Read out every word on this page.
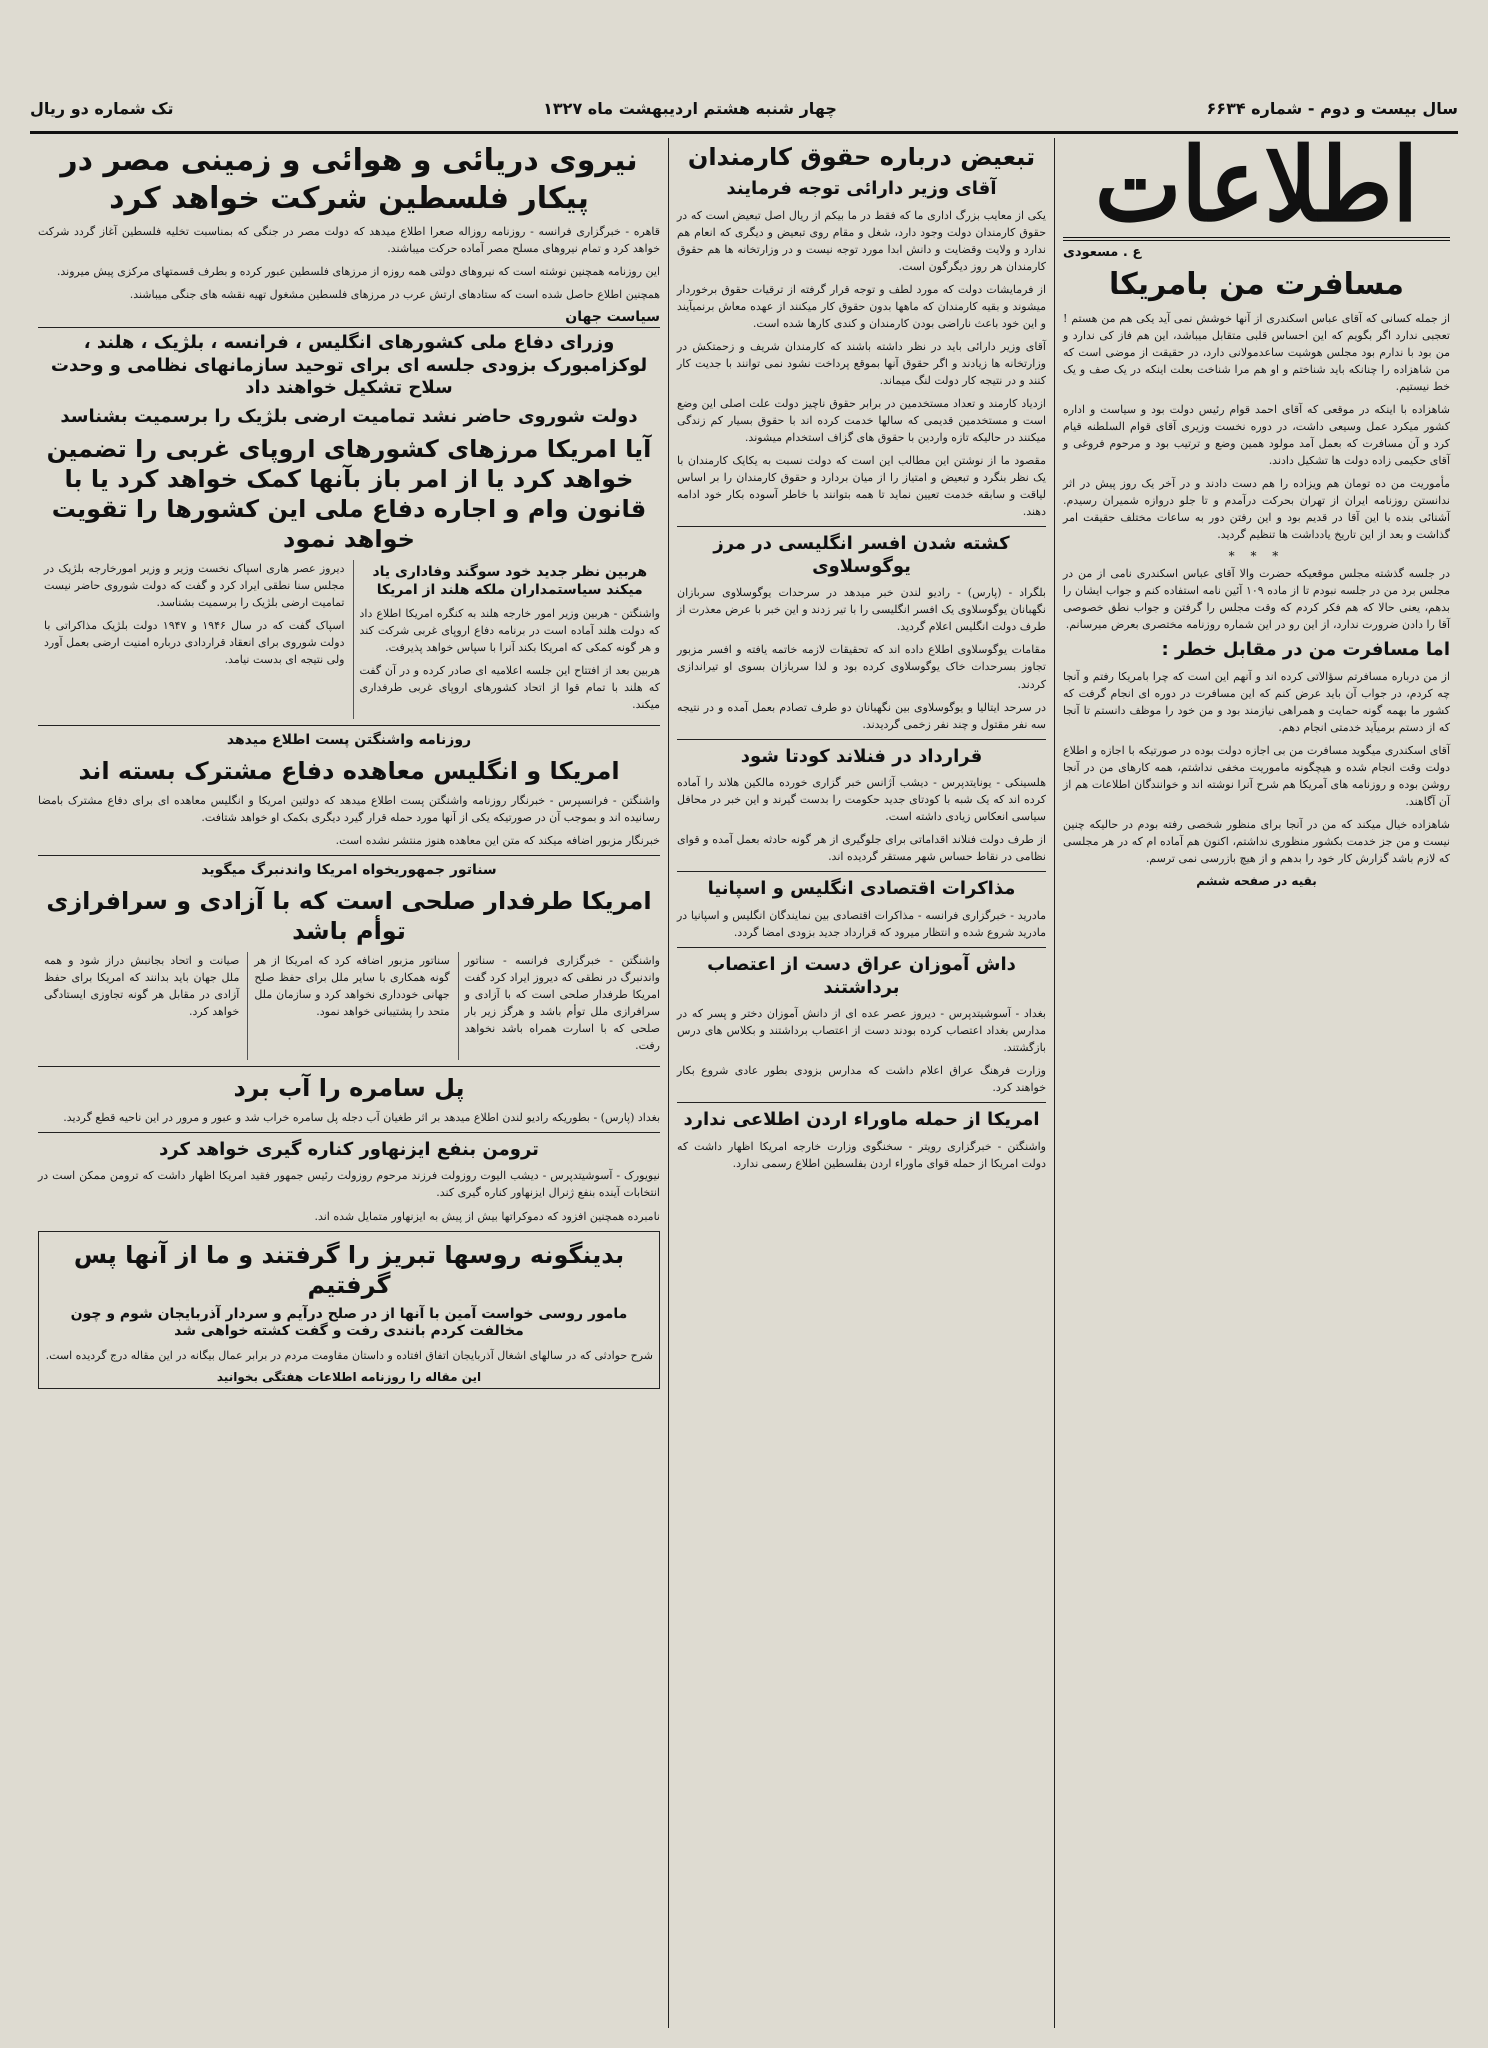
سال بیست و دوم - شماره ۶۶۳۴
چهار شنبه هشتم اردیبهشت ماه ۱۳۲۷
تک شماره دو ریال
اطلاعات
ع . مسعودی
مسافرت من بامریکا

از جمله کسانی که آقای عباس اسکندری از آنها خوشش نمی آید یکی هم من هستم ! تعجبی ندارد اگر بگویم که این احساس قلبی متقابل میباشد، این هم فاز کی ندارد و من بود با ندارم بود مجلس هوشیت ساعدمولانی دارد، در حقیقت از موضی است که من شاهزاده را چنانکه باید شناختم و او هم مرا شناخت بعلت اینکه در یک صف و یک خط نیستیم.

شاهزاده با اینکه در موقعی که آقای احمد قوام رئیس دولت بود و سیاست و اداره کشور میکرد عمل وسیعی داشت، در دوره نخست وزیری آقای قوام السلطنه قیام کرد و آن مسافرت که بعمل آمد مولود همین وضع و ترتیب بود و مرحوم فروغی و آقای حکیمی زاده دولت ها تشکیل دادند.

مأموریت من ده تومان هم ویزاده را هم دست دادند و در آخر یک روز پیش در اثر ندانستن روزنامه ایران از تهران بحرکت درآمدم و تا جلو دروازه شمیران رسیدم. آشنائی بنده با این آقا در قدیم بود و این رفتن دور به ساعات مختلف حقیقت امر گذاشت و بعد از این تاریخ یادداشت ها تنظیم گردید.

* * *

در جلسه گذشته مجلس موقعیکه حضرت والا آقای عباس اسکندری نامی از من در مجلس برد من در جلسه نبودم تا از ماده ۱۰۹ آئین نامه استفاده کنم و جواب ایشان را بدهم، یعنی حالا که هم فکر کردم که وقت مجلس را گرفتن و جواب نطق خصوصی آقا را دادن ضرورت ندارد، از این رو در این شماره روزنامه مختصری بعرض میرسانم.

اما مسافرت من در مقابل خطر :

از من درباره مسافرتم سؤالاتی کرده اند و آنهم این است که چرا بامریکا رفتم و آنجا چه کردم، در جواب آن باید عرض کنم که این مسافرت در دوره ای انجام گرفت که کشور ما بهمه گونه حمایت و همراهی نیازمند بود و من خود را موظف دانستم تا آنجا که از دستم برمیآید خدمتی انجام دهم.

آقای اسکندری میگوید مسافرت من بی اجازه دولت بوده در صورتیکه با اجازه و اطلاع دولت وقت انجام شده و هیچگونه ماموریت مخفی نداشتم، همه کارهای من در آنجا روشن بوده و روزنامه های آمریکا هم شرح آنرا نوشته اند و خوانندگان اطلاعات هم از آن آگاهند.

شاهزاده خیال میکند که من در آنجا برای منظور شخصی رفته بودم در حالیکه چنین نیست و من جز خدمت بکشور منظوری نداشتم، اکنون هم آماده ام که در هر مجلسی که لازم باشد گزارش کار خود را بدهم و از هیچ بازرسی نمی ترسم.

بقیه در صفحه ششم
تبعیض درباره حقوق کارمندان
آقای وزیر دارائی توجه فرمایند

یکی از معایب بزرگ اداری ما که فقط در ما بیکم از ریال اصل تبعیض است که در حقوق کارمندان دولت وجود دارد، شغل و مقام روی تبعیض و دیگری که انعام هم ندارد و ولایت وقضایت و دانش ابدا مورد توجه نیست و در وزارتخانه ها هم حقوق کارمندان هر روز دیگرگون است.

از فرمایشات دولت که مورد لطف و توجه قرار گرفته از ترقیات حقوق برخوردار میشوند و بقیه کارمندان که ماهها بدون حقوق کار میکنند از عهده معاش برنمیآیند و این خود باعث ناراضی بودن کارمندان و کندی کارها شده است.

آقای وزیر دارائی باید در نظر داشته باشند که کارمندان شریف و زحمتکش در وزارتخانه ها زیادند و اگر حقوق آنها بموقع پرداخت نشود نمی توانند با جدیت کار کنند و در نتیجه کار دولت لنگ میماند.

ازدیاد کارمند و تعداد مستخدمین در برابر حقوق ناچیز دولت علت اصلی این وضع است و مستخدمین قدیمی که سالها خدمت کرده اند با حقوق بسیار کم زندگی میکنند در حالیکه تازه واردین با حقوق های گزاف استخدام میشوند.

مقصود ما از نوشتن این مطالب این است که دولت نسبت به یکایک کارمندان با یک نظر بنگرد و تبعیض و امتیاز را از میان بردارد و حقوق کارمندان را بر اساس لیاقت و سابقه خدمت تعیین نماید تا همه بتوانند با خاطر آسوده بکار خود ادامه دهند.

کشته شدن افسر انگلیسی در مرز یوگوسلاوی

بلگراد - (پارس) - رادیو لندن خبر میدهد در سرحدات یوگوسلاوی سربازان نگهبانان یوگوسلاوی یک افسر انگلیسی را با تیر زدند و این خبر با عرض معذرت از طرف دولت انگلیس اعلام گردید.

مقامات یوگوسلاوی اطلاع داده اند که تحقیقات لازمه خاتمه یافته و افسر مزبور تجاوز بسرحدات خاک یوگوسلاوی کرده بود و لذا سربازان بسوی او تیراندازی کردند.

در سرحد ایتالیا و یوگوسلاوی بین نگهبانان دو طرف تصادم بعمل آمده و در نتیجه سه نفر مقتول و چند نفر زخمی گردیدند.

قرارداد در فنلاند کودتا شود

هلسینکی - یونایتدپرس - دیشب آژانس خبر گزاری خورده مالکین هلاند را آماده کرده اند که یک شبه با کودتای جدید حکومت را بدست گیرند و این خبر در محافل سیاسی انعکاس زیادی داشته است.

از طرف دولت فنلاند اقداماتی برای جلوگیری از هر گونه حادثه بعمل آمده و قوای نظامی در نقاط حساس شهر مستقر گردیده اند.

مذاکرات اقتصادی انگلیس و اسپانیا

مادرید - خبرگزاری فرانسه - مذاکرات اقتصادی بین نمایندگان انگلیس و اسپانیا در مادرید شروع شده و انتظار میرود که قرارداد جدید بزودی امضا گردد.

داش آموزان عراق دست از اعتصاب برداشتند

بغداد - آسوشیتدپرس - دیروز عصر عده ای از دانش آموزان دختر و پسر که در مدارس بغداد اعتصاب کرده بودند دست از اعتصاب برداشتند و بکلاس های درس بازگشتند.

وزارت فرهنگ عراق اعلام داشت که مدارس بزودی بطور عادی شروع بکار خواهند کرد.

امریکا از حمله ماوراء اردن اطلاعی ندارد

واشنگتن - خبرگزاری رویتر - سخنگوی وزارت خارجه امریکا اظهار داشت که دولت امریکا از حمله قوای ماوراء اردن بفلسطین اطلاع رسمی ندارد.

نیروی دریائی و هوائی و زمینی مصر در پیکار فلسطین شرکت خواهد کرد

قاهره - خبرگزاری فرانسه - روزنامه روزاله صعرا اطلاع میدهد که دولت مصر در جنگی که بمناسبت تخلیه فلسطین آغاز گردد شرکت خواهد کرد و تمام نیروهای مسلح مصر آماده حرکت میباشند.

این روزنامه همچنین نوشته است که نیروهای دولتی همه روزه از مرزهای فلسطین عبور کرده و بطرف قسمتهای مرکزی پیش میروند.

همچنین اطلاع حاصل شده است که ستادهای ارتش عرب در مرزهای فلسطین مشغول تهیه نقشه های جنگی میباشند.

سیاست جهان
وزرای دفاع ملی کشورهای انگلیس ، فرانسه ، بلژیک ، هلند ، لوکزامبورک بزودی جلسه ای برای توحید سازمانهای نظامی و وحدت سلاح تشکیل خواهند داد
دولت شوروی حاضر نشد تمامیت ارضی بلژیک را برسمیت بشناسد
آیا امریکا مرزهای کشورهای اروپای غربی را تضمین خواهد کرد یا از امر باز بآنها کمک خواهد کرد یا با قانون وام و اجاره دفاع ملی این کشورها را تقویت خواهد نمود
هربین نظر جدید خود سوگند وفاداری یاد میکند سیاستمداران ملکه هلند از امریکا

واشنگتن - هربین وزیر امور خارجه هلند به کنگره امریکا اطلاع داد که دولت هلند آماده است در برنامه دفاع اروپای غربی شرکت کند و هر گونه کمکی که امریکا بکند آنرا با سپاس خواهد پذیرفت.

هربین بعد از افتتاح این جلسه اعلامیه ای صادر کرده و در آن گفت که هلند با تمام قوا از اتحاد کشورهای اروپای غربی طرفداری میکند.

دیروز عصر هاری اسپاک نخست وزیر و وزیر امورخارجه بلژیک در مجلس سنا نطقی ایراد کرد و گفت که دولت شوروی حاضر نیست تمامیت ارضی بلژیک را برسمیت بشناسد.

اسپاک گفت که در سال ۱۹۴۶ و ۱۹۴۷ دولت بلژیک مذاکراتی با دولت شوروی برای انعقاد قراردادی درباره امنیت ارضی بعمل آورد ولی نتیجه ای بدست نیامد.

روزنامه واشنگتن پست اطلاع میدهد
امریکا و انگلیس معاهده دفاع مشترک بسته اند

واشنگتن - فرانسپرس - خبرنگار روزنامه واشنگتن پست اطلاع میدهد که دولتین امریکا و انگلیس معاهده ای برای دفاع مشترک بامضا رسانیده اند و بموجب آن در صورتیکه یکی از آنها مورد حمله قرار گیرد دیگری بکمک او خواهد شتافت.

خبرنگار مزبور اضافه میکند که متن این معاهده هنوز منتشر نشده است.

سناتور جمهوریخواه امریکا واندنبرگ میگوید
امریکا طرفدار صلحی است که با آزادی و سرافرازی توأم باشد

واشنگتن - خبرگزاری فرانسه - سناتور واندنبرگ در نطقی که دیروز ایراد کرد گفت امریکا طرفدار صلحی است که با آزادی و سرافرازی ملل توأم باشد و هرگز زیر بار صلحی که با اسارت همراه باشد نخواهد رفت.

سناتور مزبور اضافه کرد که امریکا از هر گونه همکاری با سایر ملل برای حفظ صلح جهانی خودداری نخواهد کرد و سازمان ملل متحد را پشتیبانی خواهد نمود.

صیانت و اتحاد بجانبش دراز شود و همه ملل جهان باید بدانند که امریکا برای حفظ آزادی در مقابل هر گونه تجاوزی ایستادگی خواهد کرد.

پل سامره را آب برد

بغداد (پارس) - بطوریکه رادیو لندن اطلاع میدهد بر اثر طغیان آب دجله پل سامره خراب شد و عبور و مرور در این ناحیه قطع گردید.

ترومن بنفع ایزنهاور کناره گیری خواهد کرد

نیویورک - آسوشیتدپرس - دیشب الیوت روزولت فرزند مرحوم روزولت رئیس جمهور فقید امریکا اظهار داشت که ترومن ممکن است در انتخابات آینده بنفع ژنرال ایزنهاور کناره گیری کند.

نامبرده همچنین افزود که دموکراتها بیش از پیش به ایزنهاور متمایل شده اند.

بدینگونه روسها تبریز را گرفتند و ما از آنها پس گرفتیم
مامور روسی خواست آمین با آنها از در صلح درآیم و سردار آذربایجان شوم و چون مخالفت کردم بانندی رفت و گفت کشته خواهی شد

شرح حوادثی که در سالهای اشغال آذربایجان اتفاق افتاده و داستان مقاومت مردم در برابر عمال بیگانه در این مقاله درج گردیده است.

این مقاله را روزنامه اطلاعات هفتگی بخوانید
